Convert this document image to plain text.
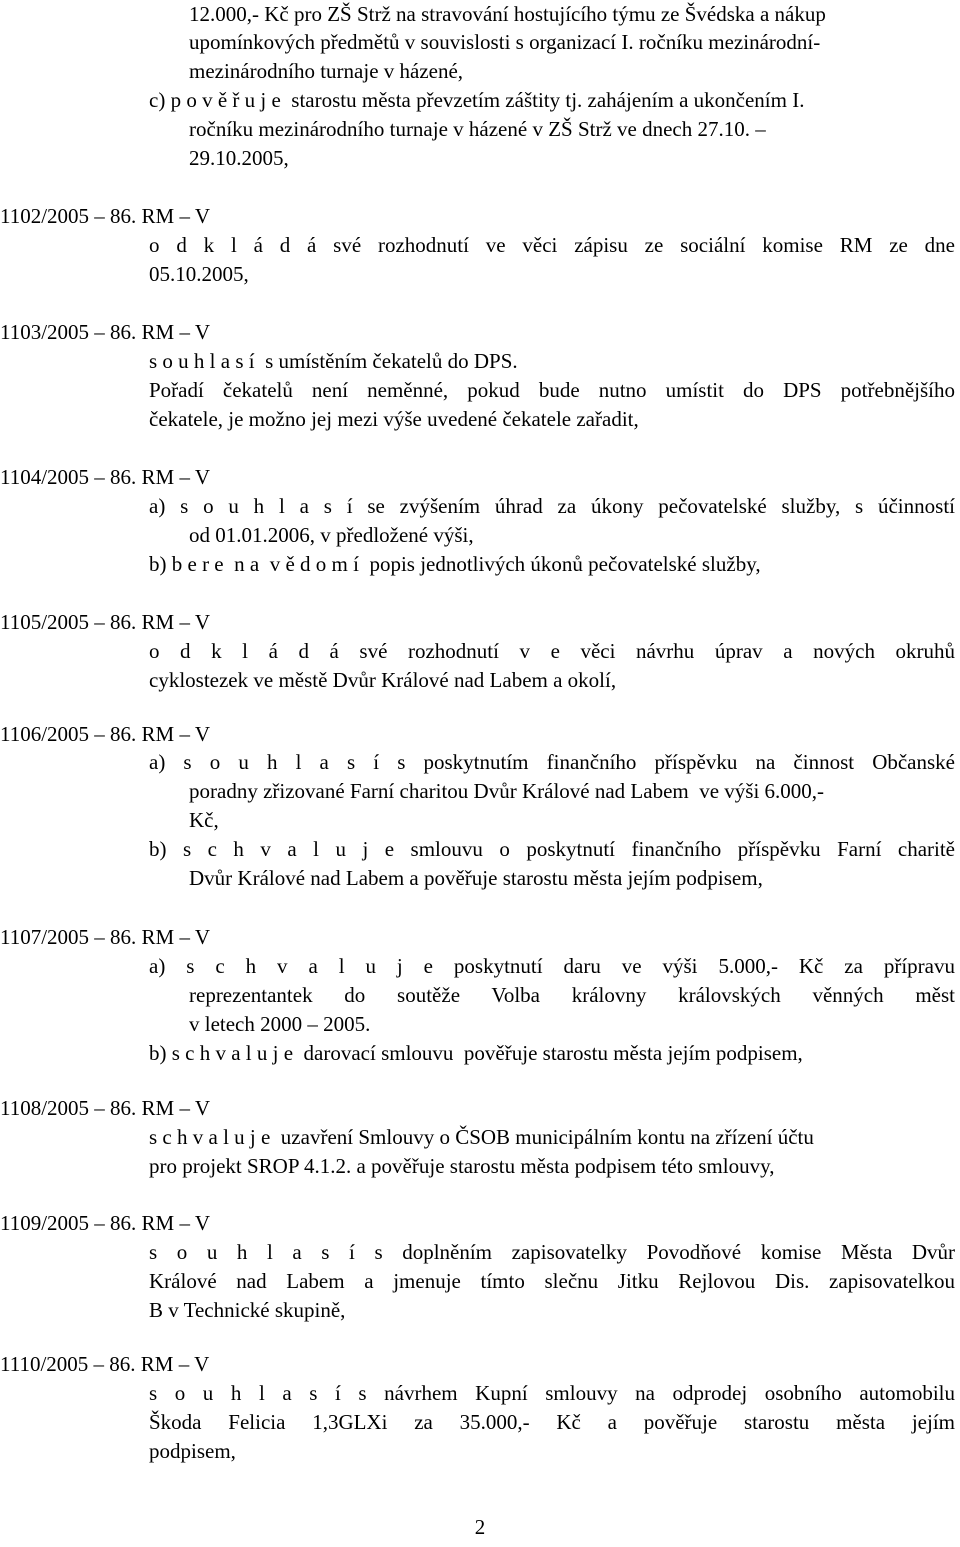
12.000,- Kč pro ZŠ Strž na stravování hostujícího týmu ze Švédska a nákup
upomínkových předmětů v souvislosti s organizací I. ročníku mezinárodní-
mezinárodního turnaje v házené,
c) p o v ě ř u j e  starostu města převzetím záštity tj. zahájením a ukončením I.
ročníku mezinárodního turnaje v házené v ZŠ Strž ve dnech 27.10. –
29.10.2005,
1102/2005 – 86. RM – V
o d k l á d á své rozhodnutí ve věci zápisu ze sociální komise RM ze dne
05.10.2005,
1103/2005 – 86. RM – V
s o u h l a s í  s umístěním čekatelů do DPS.
Pořadí čekatelů není neměnné, pokud bude nutno umístit do DPS potřebnějšího
čekatele, je možno jej mezi výše uvedené čekatele zařadit,
1104/2005 – 86. RM – V
a) s o u h l a s í se zvýšením úhrad za úkony pečovatelské služby, s účinností
od 01.01.2006, v předložené výši,
b) b e r e  n a  v ě d o m í  popis jednotlivých úkonů pečovatelské služby,
1105/2005 – 86. RM – V
o d k l á d á své rozhodnutí v e věci návrhu úprav a nových okruhů
cyklostezek ve městě Dvůr Králové nad Labem a okolí,
1106/2005 – 86. RM – V
a) s o u h l a s í s poskytnutím finančního příspěvku na činnost Občanské
poradny zřizované Farní charitou Dvůr Králové nad Labem  ve výši 6.000,-
Kč,
b) s c h v a l u j e smlouvu o poskytnutí finančního příspěvku Farní charitě
Dvůr Králové nad Labem a pověřuje starostu města jejím podpisem,
1107/2005 – 86. RM – V
a) s c h v a l u j e poskytnutí daru ve výši 5.000,- Kč za přípravu
reprezentantek do soutěže Volba královny královských věnných měst
v letech 2000 – 2005.
b) s c h v a l u j e  darovací smlouvu  pověřuje starostu města jejím podpisem,
1108/2005 – 86. RM – V
s c h v a l u j e  uzavření Smlouvy o ČSOB municipálním kontu na zřízení účtu
pro projekt SROP 4.1.2. a pověřuje starostu města podpisem této smlouvy,
1109/2005 – 86. RM – V
s o u h l a s í s doplněním zapisovatelky Povodňové komise Města Dvůr
Králové nad Labem a jmenuje tímto slečnu Jitku Rejlovou Dis. zapisovatelkou
B v Technické skupině,
1110/2005 – 86. RM – V
s o u h l a s í s návrhem Kupní smlouvy na odprodej osobního automobilu
Škoda Felicia 1,3GLXi za 35.000,- Kč a pověřuje starostu města jejím
podpisem,
2
